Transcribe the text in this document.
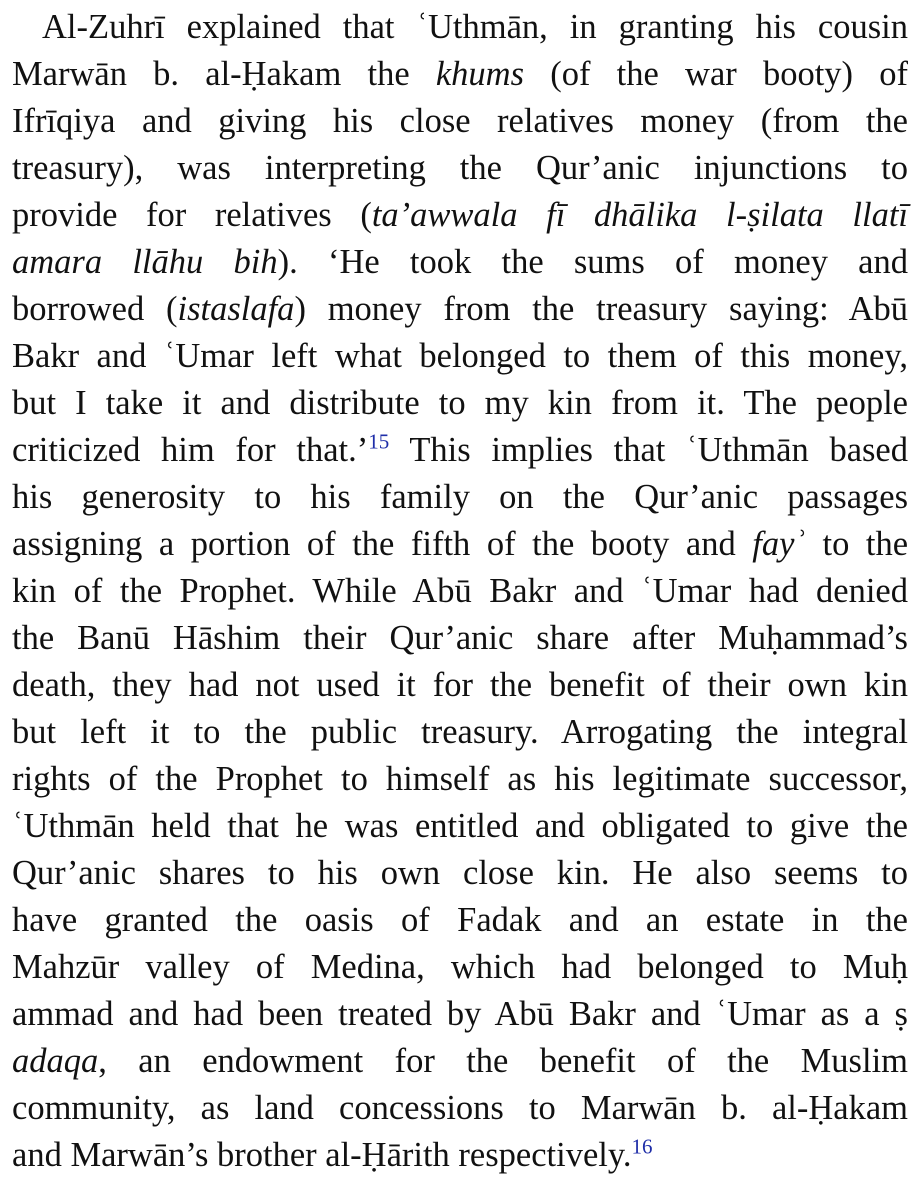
Al-Zuhrī explained that ʿUthmān, in granting his cousin
Marwān b. al-Ḥakam the khums (of the war booty) of
Ifrīqiya and giving his close relatives money (from the
treasury), was interpreting the Qur’anic injunctions to
provide for relatives (ta’awwala fī dhālika l-ṣilata llatī
amara llāhu bih). ‘He took the sums of money and
borrowed (istaslafa) money from the treasury saying: Abū
Bakr and ʿUmar left what belonged to them of this money,
but I take it and distribute to my kin from it. The people
criticized him for that.’$^{15}$ This implies that ʿUthmān based
his generosity to his family on the Qur’anic passages
assigning a portion of the fifth of the booty and fayʾ to the
kin of the Prophet. While Abū Bakr and ʿUmar had denied
the Banū Hāshim their Qur’anic share after Muḥammad’s
death, they had not used it for the benefit of their own kin
but left it to the public treasury. Arrogating the integral
rights of the Prophet to himself as his legitimate successor,
ʿUthmān held that he was entitled and obligated to give the
Qur’anic shares to his own close kin. He also seems to
have granted the oasis of Fadak and an estate in the
Mahzūr valley of Medina, which had belonged to Muḥ
ammad and had been treated by Abū Bakr and ʿUmar as a ṣ
adaqa, an endowment for the benefit of the Muslim
community, as land concessions to Marwān b. al-Ḥakam
and Marwān’s brother al-Ḥārith respectively.$^{16}$
